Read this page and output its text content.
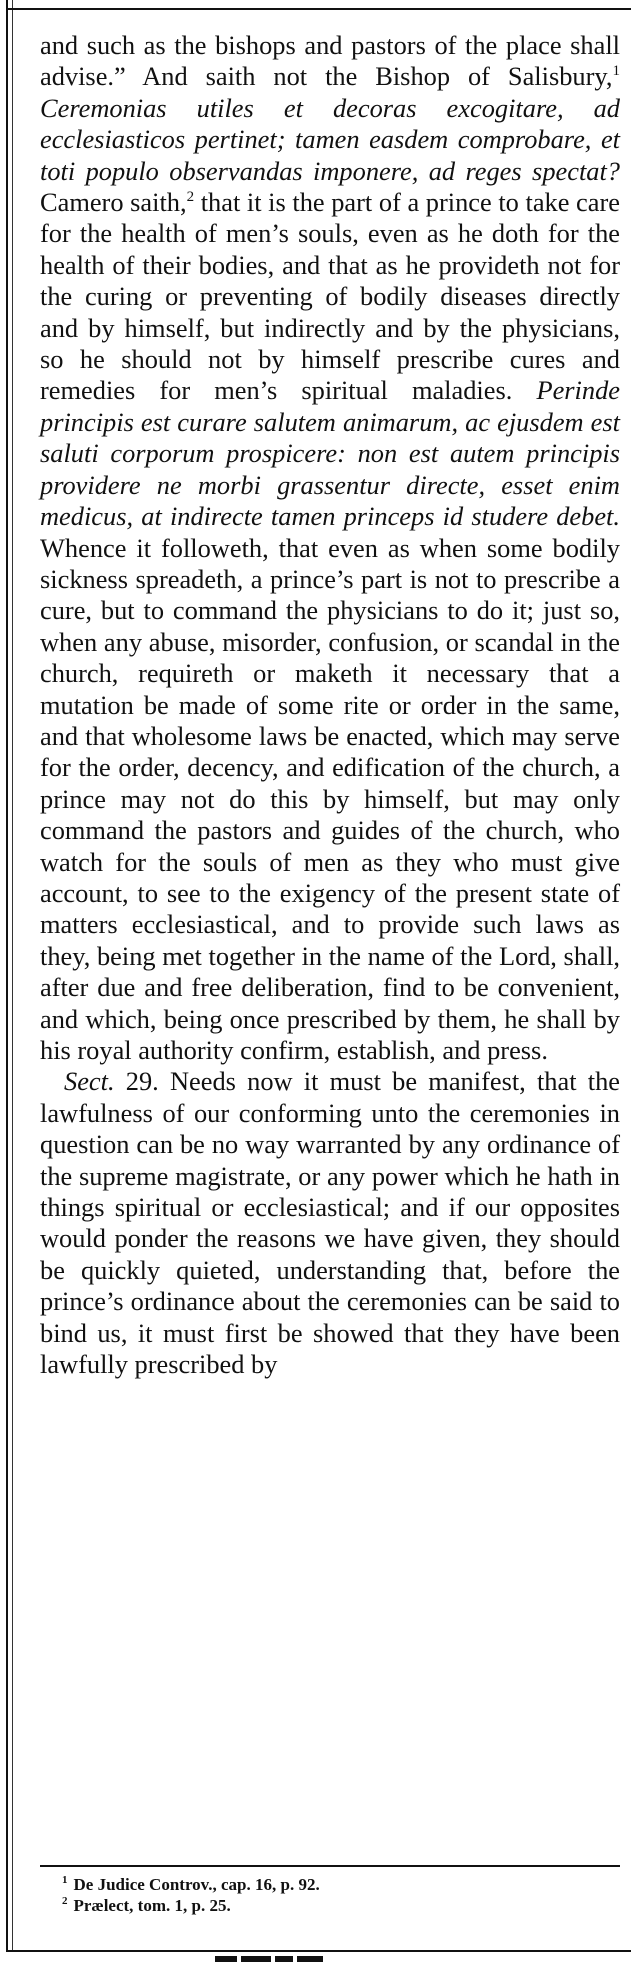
and such as the bishops and pastors of the place shall advise.” And saith not the Bishop of Salisbury,$^1$ Ceremonias utiles et decoras excogitare, ad ecclesiasticos pertinet; tamen easdem comprobare, et toti populo observandas imponere, ad reges spectat? Camero saith,$^2$ that it is the part of a prince to take care for the health of men’s souls, even as he doth for the health of their bodies, and that as he provideth not for the curing or preventing of bodily diseases directly and by himself, but indirectly and by the physicians, so he should not by himself prescribe cures and remedies for men’s spiritual maladies. Perinde principis est curare salutem animarum, ac ejusdem est saluti corporum prospicere: non est autem principis providere ne morbi grassentur directe, esset enim medicus, at indirecte tamen princeps id studere debet. Whence it followeth, that even as when some bodily sickness spreadeth, a prince’s part is not to prescribe a cure, but to command the physicians to do it; just so, when any abuse, misorder, confusion, or scandal in the church, requireth or maketh it necessary that a mutation be made of some rite or order in the same, and that wholesome laws be enacted, which may serve for the order, decency, and edification of the church, a prince may not do this by himself, but may only command the pastors and guides of the church, who watch for the souls of men as they who must give account, to see to the exigency of the present state of matters ecclesiastical, and to provide such laws as they, being met together in the name of the Lord, shall, after due and free deliberation, find to be convenient, and which, being once prescribed by them, he shall by his royal authority confirm, establish, and press.

Sect. 29. Needs now it must be manifest, that the lawfulness of our conforming unto the ceremonies in question can be no way warranted by any ordinance of the supreme magistrate, or any power which he hath in things spiritual or ecclesiastical; and if our opposites would ponder the reasons we have given, they should be quickly quieted, understanding that, before the prince’s ordinance about the ceremonies can be said to bind us, it must first be showed that they have been lawfully prescribed by

$^1$ De Judice Controv., cap. 16, p. 92.

$^2$ Prælect, tom. 1, p. 25.
